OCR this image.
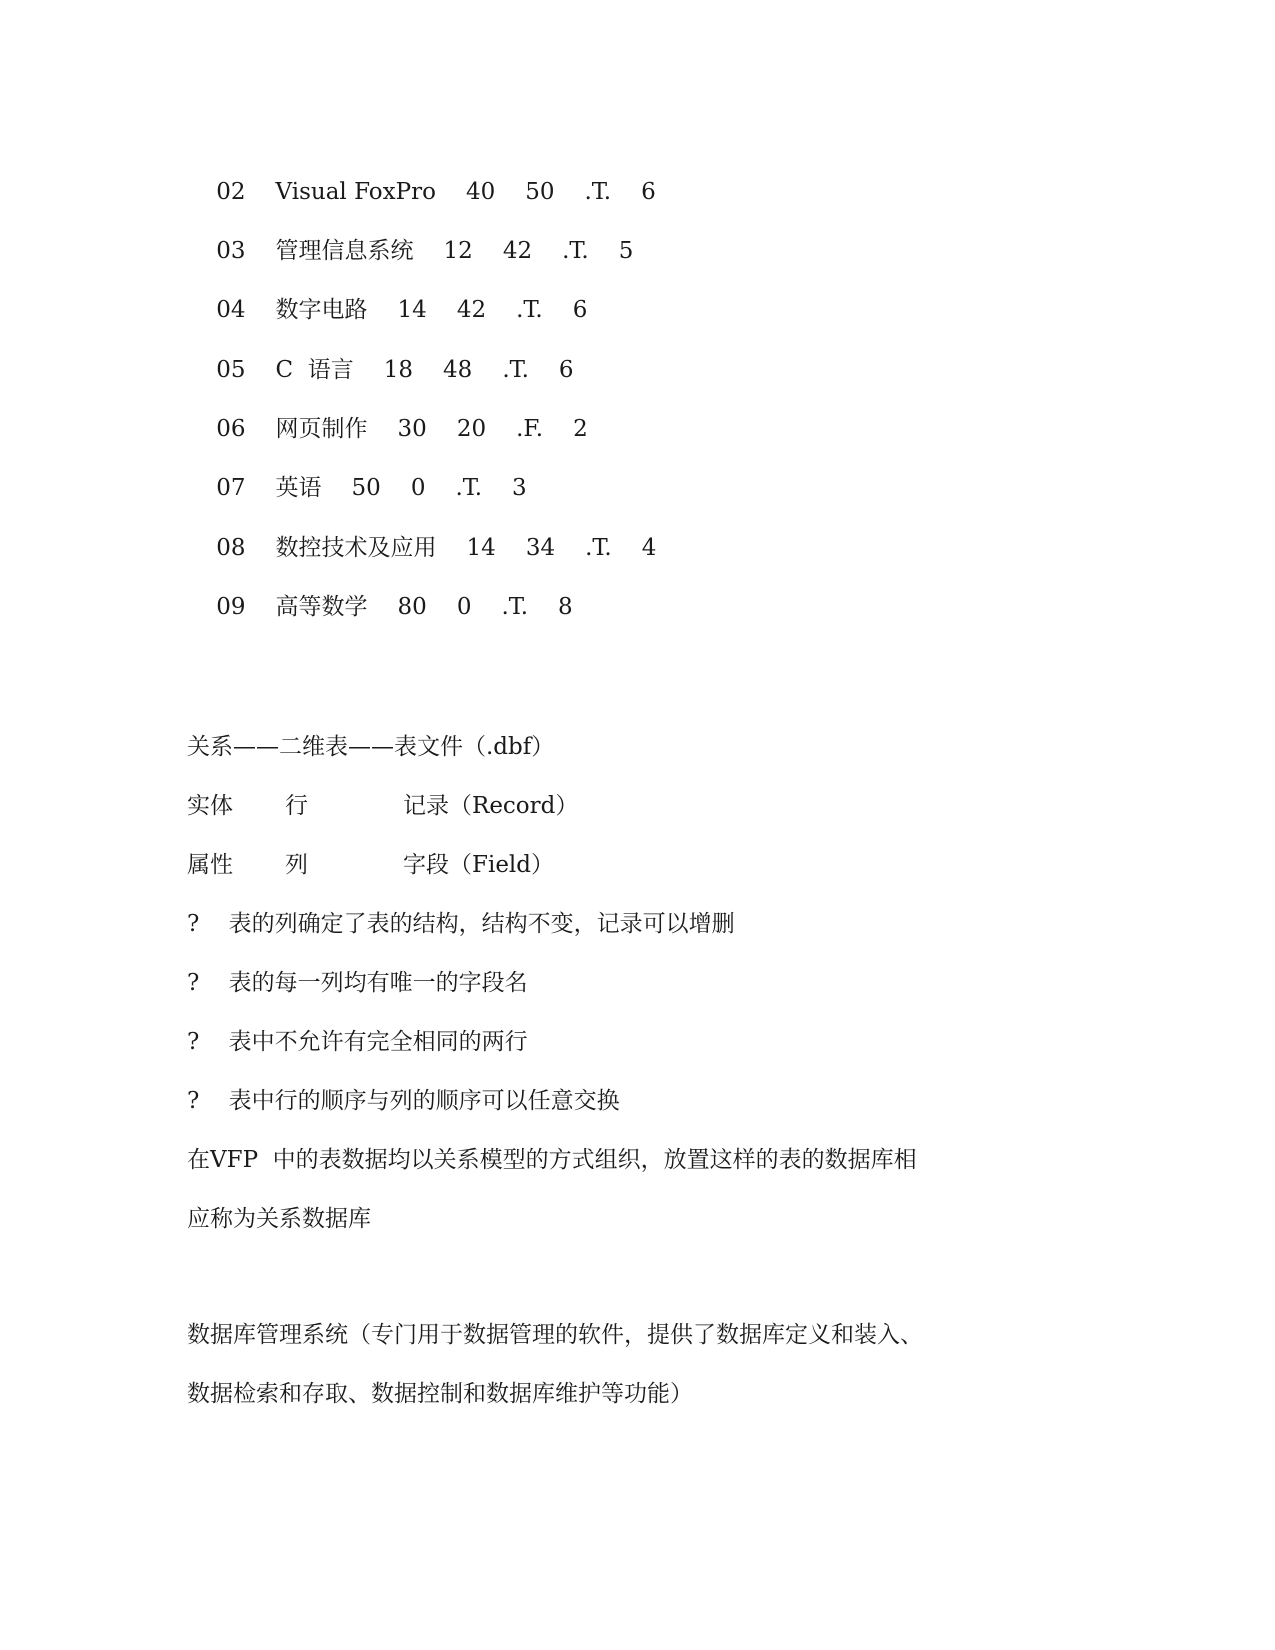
02 Visual FoxPro 40 50 .T. 6

03 管理信息系统 12 42 .T. 5

04 数字电路 14 42 .T. 6

05 C  语言 18 48 .T. 6

06 网页制作 30 20 .F. 2

07 英语 50 0 .T. 3

08 数控技术及应用 14 34 .T. 4

09 高等数学 80 0 .T. 8

关系——二维表——表文件（.dbf）

实体

行

	记录（Record）

属性

列

	字段（Field）

?    表的列确定了表的结构，结构不变，记录可以增删
?    表的每一列均有唯一的字段名
?    表中不允许有完全相同的两行
?    表中行的顺序与列的顺序可以任意交换
在VFP  中的表数据均以关系模型的方式组织，放置这样的表的数据库相
应称为关系数据库
数据库管理系统（专门用于数据管理的软件，提供了数据库定义和装入、
数据检索和存取、数据控制和数据库维护等功能）
